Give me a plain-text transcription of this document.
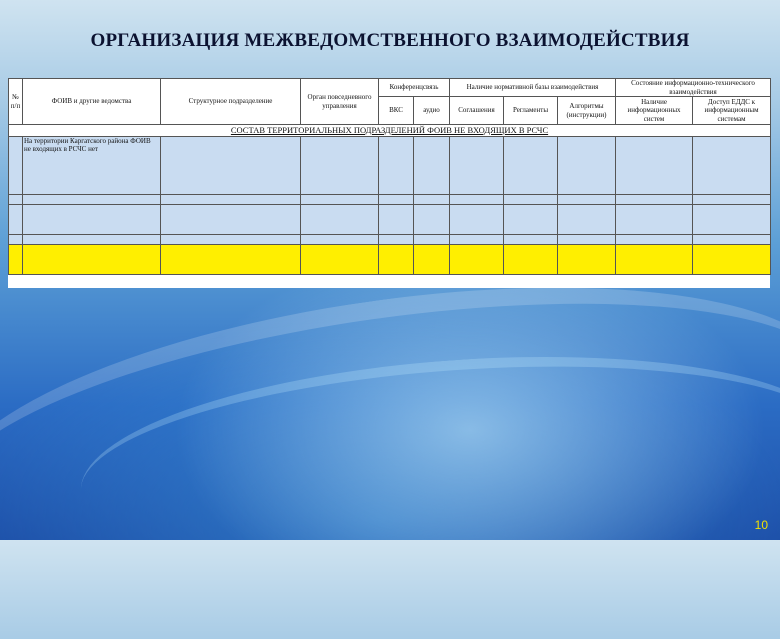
ОРГАНИЗАЦИЯ МЕЖВЕДОМСТВЕННОГО ВЗАИМОДЕЙСТВИЯ
№ п/п	ФОИВ и другие ведомства	Структурное подразделение	Орган повседневного управления	Конференцсвязь		Наличие нормативной базы взаимодействия			Состояние информационно-технического взаимодействия	
				ВКС	аудио	Соглашения	Регламенты	Алгоритмы (инструкции)	Наличие информационных систем	Доступ ЕДДС к информационным системам

СОСТАВ ТЕРРИТОРИАЛЬНЫХ ПОДРАЗДЕЛЕНИЙ ФОИВ НЕ ВХОДЯЩИХ В РСЧС										
	На территории Каргатского района ФОИВ не входящих в РСЧС нет									

10
